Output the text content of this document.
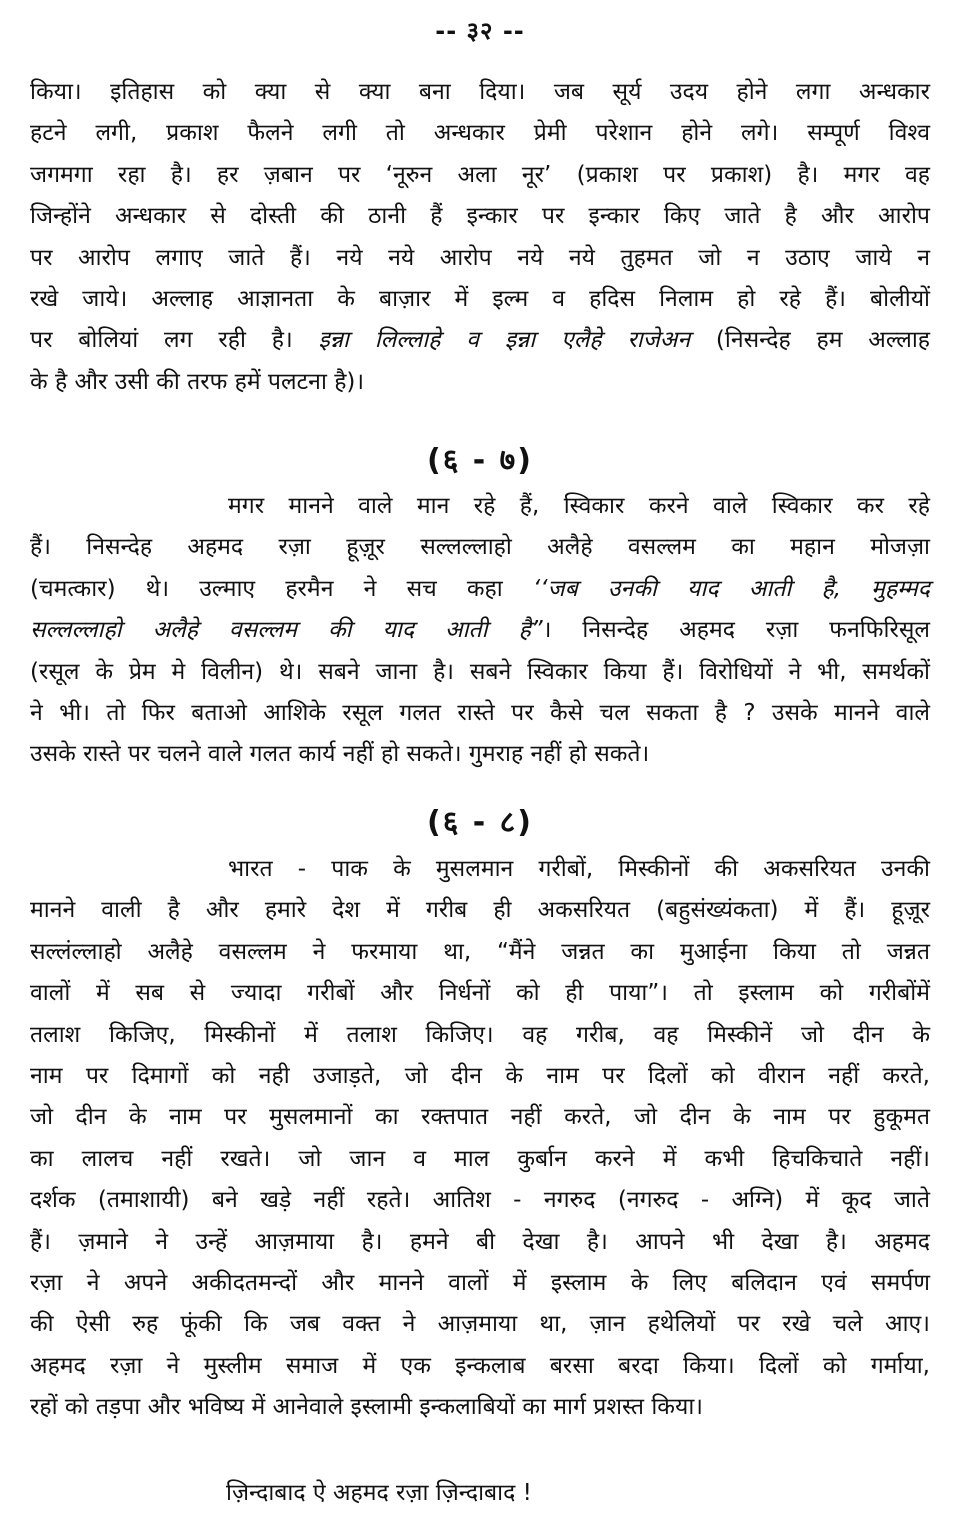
-- ३२ --
किया। इतिहास को क्या से क्या बना दिया। जब सूर्य उदय होने लगा अन्धकार
हटने लगी, प्रकाश फैलने लगी तो अन्धकार प्रेमी परेशान होने लगे। सम्पूर्ण विश्व
जगमगा रहा है। हर ज़बान पर ‘नूरुन अला नूर’ (प्रकाश पर प्रकाश) है। मगर वह
जिन्होंने अन्धकार से दोस्ती की ठानी हैं इन्कार पर इन्कार किए जाते है और आरोप
पर आरोप लगाए जाते हैं। नये नये आरोप नये नये तुहमत जो न उठाए जाये न
रखे जाये। अल्लाह आज्ञानता के बाज़ार में इल्म व हदिस निलाम हो रहे हैं। बोलीयों
पर बोलियां लग रही है। इन्ना लिल्लाहे व इन्ना एलैहे राजेअन (निसन्देह हम अल्लाह
के है और उसी की तरफ हमें पलटना है)।
(६ - ७)
मगर मानने वाले मान रहे हैं, स्विकार करने वाले स्विकार कर रहे
हैं। निसन्देह अहमद रज़ा हूज़ूर सल्लल्लाहो अलैहे वसल्लम का महान मोजज़ा
(चमत्कार) थे। उल्माए हरमैन ने सच कहा ‘‘जब उनकी याद आती है, मुहम्मद
सल्लल्लाहो अलैहे वसल्लम की याद आती है”। निसन्देह अहमद रज़ा फनफिरिसूल
(रसूल के प्रेम मे विलीन) थे। सबने जाना है। सबने स्विकार किया हैं। विरोधियों ने भी, समर्थकों
ने भी। तो फिर बताओ आशिके रसूल गलत रास्ते पर कैसे चल सकता है ? उसके मानने वाले
उसके रास्ते पर चलने वाले गलत कार्य नहीं हो सकते। गुमराह नहीं हो सकते।
(६ - ८)
भारत - पाक के मुसलमान गरीबों, मिस्कीनों की अकसरियत उनकी
मानने वाली है और हमारे देश में गरीब ही अकसरियत (बहुसंख्यंकता) में हैं। हूज़ूर
सल्लंल्लाहो अलैहे वसल्लम ने फरमाया था, “मैंने जन्नत का मुआईना किया तो जन्नत
वालों में सब से ज्यादा गरीबों और निर्धनों को ही पाया”। तो इस्लाम को गरीबोंमें
तलाश किजिए, मिस्कीनों में तलाश किजिए। वह गरीब, वह मिस्कीनें जो दीन के
नाम पर दिमागों को नही उजाड़ते, जो दीन के नाम पर दिलों को वीरान नहीं करते,
जो दीन के नाम पर मुसलमानों का रक्तपात नहीं करते, जो दीन के नाम पर हुकूमत
का लालच नहीं रखते। जो जान व माल कुर्बान करने में कभी हिचकिचाते नहीं।
दर्शक (तमाशायी) बने खड़े नहीं रहते। आतिश - नगरुद (नगरुद - अग्नि) में कूद जाते
हैं। ज़माने ने उन्हें आज़माया है। हमने बी देखा है। आपने भी देखा है। अहमद
रज़ा ने अपने अकीदतमन्दों और मानने वालों में इस्लाम के लिए बलिदान एवं समर्पण
की ऐसी रुह फूंकी कि जब वक्त ने आज़माया था, ज़ान हथेलियों पर रखे चले आए।
अहमद रज़ा ने मुस्लीम समाज में एक इन्कलाब बरसा बरदा किया। दिलों को गर्माया,
रहों को तड़पा और भविष्य में आनेवाले इस्लामी इन्कलाबियों का मार्ग प्रशस्त किया।
ज़िन्दाबाद ऐ अहमद रज़ा ज़िन्दाबाद !
